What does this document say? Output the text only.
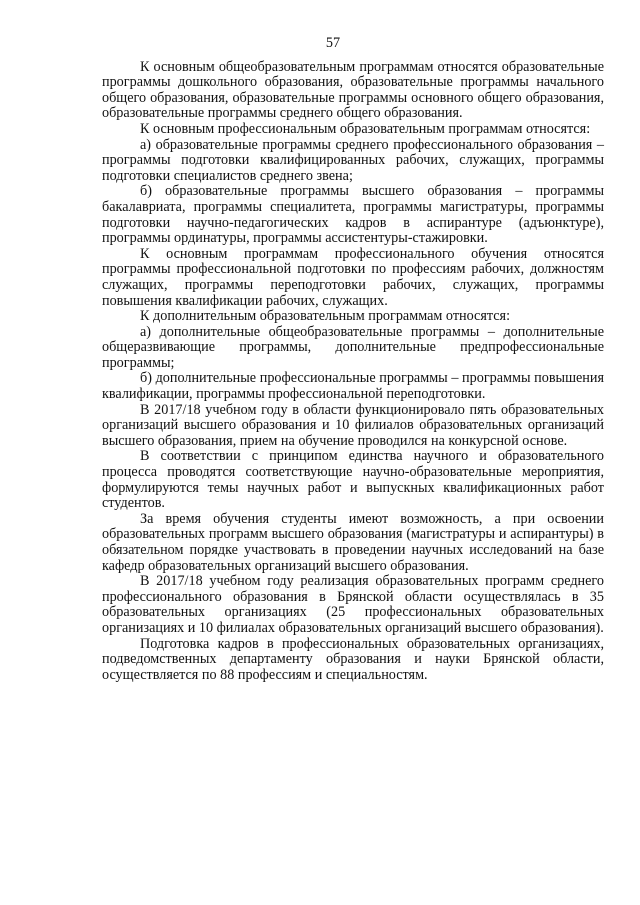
57

К основным общеобразовательным программам относятся образовательные программы дошкольного образования, образовательные программы начального общего образования, образовательные программы основного общего образования, образовательные программы среднего общего образования.

К основным профессиональным образовательным программам относятся:

а) образовательные программы среднего профессионального образования – программы подготовки квалифицированных рабочих, служащих, программы подготовки специалистов среднего звена;

б) образовательные программы высшего образования – программы бакалавриата, программы специалитета, программы магистратуры, программы подготовки научно-педагогических кадров в аспирантуре (адъюнктуре), программы ординатуры, программы ассистентуры-стажировки.

К основным программам профессионального обучения относятся программы профессиональной подготовки по профессиям рабочих, должностям служащих, программы переподготовки рабочих, служащих, программы повышения квалификации рабочих, служащих.

К дополнительным образовательным программам относятся:

а) дополнительные общеобразовательные программы – дополнительные общеразвивающие программы, дополнительные предпрофессиональные программы;

б) дополнительные профессиональные программы – программы повышения квалификации, программы профессиональной переподготовки.

В 2017/18 учебном году в области функционировало пять образовательных организаций высшего образования и 10 филиалов образовательных организаций высшего образования, прием на обучение проводился на конкурсной основе.

В соответствии с принципом единства научного и образовательного процесса проводятся соответствующие научно-образовательные мероприятия, формулируются темы научных работ и выпускных квалификационных работ студентов.

За время обучения студенты имеют возможность, а при освоении образовательных программ высшего образования (магистратуры и аспирантуры) в обязательном порядке участвовать в проведении научных исследований на базе кафедр образовательных организаций высшего образования.

В 2017/18 учебном году реализация образовательных программ среднего профессионального образования в Брянской области осуществлялась в 35 образовательных организациях (25 профессиональных образовательных организациях и 10 филиалах образовательных организаций высшего образования).

Подготовка кадров в профессиональных образовательных организациях, подведомственных департаменту образования и науки Брянской области, осуществляется по 88 профессиям и специальностям.
